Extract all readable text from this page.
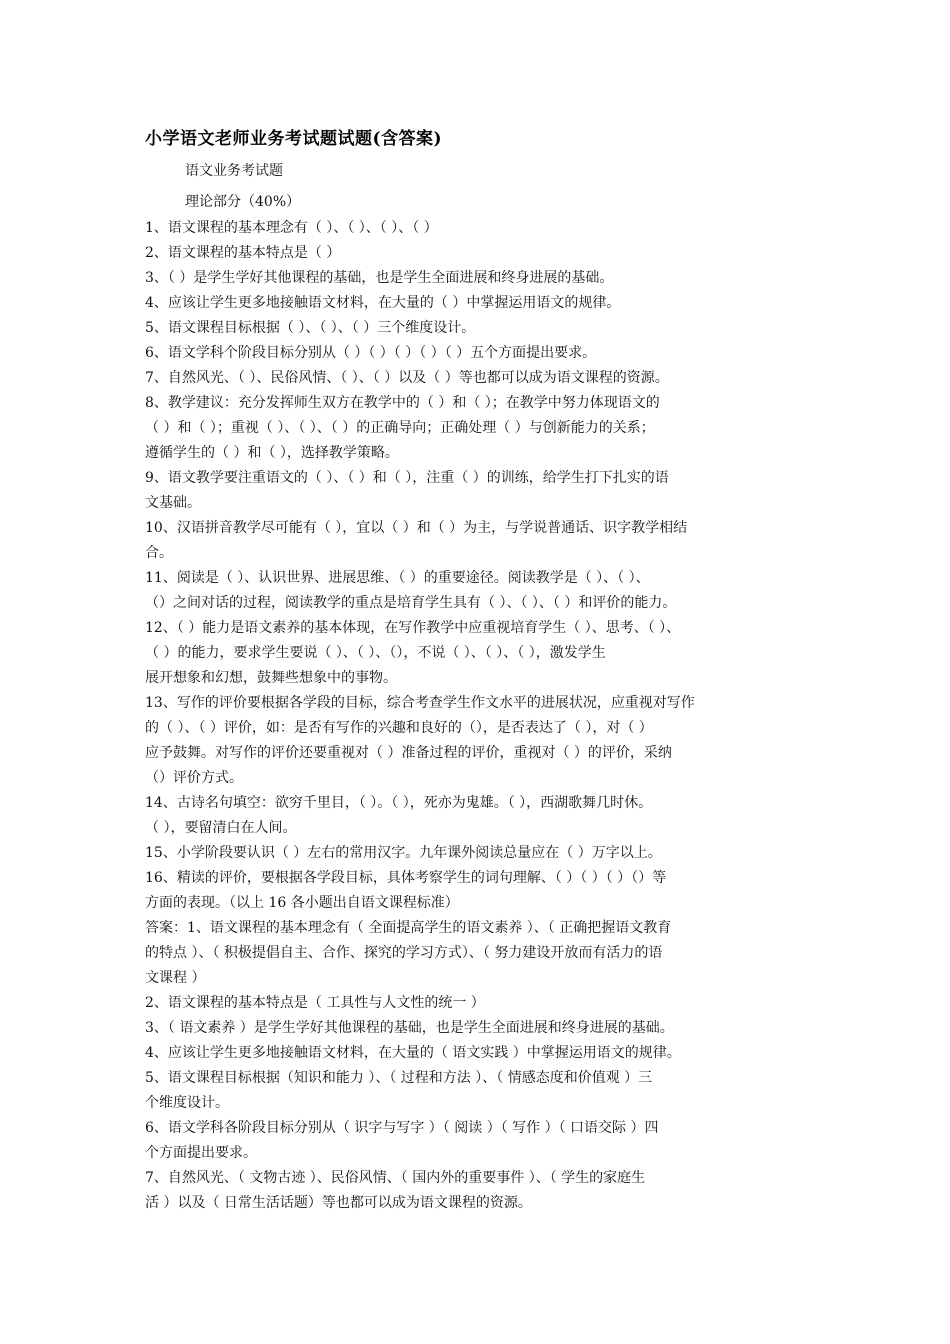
小学语文老师业务考试题试题(含答案)
语文业务考试题
理论部分（40%）
1、语文课程的基本理念有（ ）、（ ）、（ ）、（ ）
2、语文课程的基本特点是（ ）
3、（ ）是学生学好其他课程的基础，也是学生全面进展和终身进展的基础。
4、应该让学生更多地接触语文材料，在大量的（ ）中掌握运用语文的规律。
5、语文课程目标根据（ ）、（ ）、（ ）三个维度设计。
6、语文学科个阶段目标分别从（ ）（ ）（ ）（ ）（ ）五个方面提出要求。
7、自然风光、（ ）、民俗风情、（ ）、（ ）以及（ ）等也都可以成为语文课程的资源。
8、教学建议：充分发挥师生双方在教学中的（ ）和（ ）；在教学中努力体现语文的
（ ）和（ ）；重视（ ）、（ ）、（ ）的正确导向；正确处理（ ）与创新能力的关系；
遵循学生的（ ）和（ ），选择教学策略。
9、语文教学要注重语文的（ ）、（ ）和（ ），注重（ ）的训练，给学生打下扎实的语
文基础。
10、汉语拼音教学尽可能有（ ），宜以（ ）和（ ）为主，与学说普通话、识字教学相结
合。
11、阅读是（ ）、认识世界、进展思维、（ ）的重要途径。阅读教学是（ ）、（ ）、
（）之间对话的过程，阅读教学的重点是培育学生具有（ ）、（ ）、（ ）和评价的能力。
12、（ ）能力是语文素养的基本体现，在写作教学中应重视培育学生（ ）、思考、（ ）、
（ ）的能力，要求学生要说（ ）、（ ）、（），不说（ ）、（ ）、（ ），激发学生
展开想象和幻想，鼓舞些想象中的事物。
13、写作的评价要根据各学段的目标，综合考查学生作文水平的进展状况，应重视对写作
的（ ）、（ ）评价，如：是否有写作的兴趣和良好的（），是否表达了（ ），对（ ）
应予鼓舞。对写作的评价还要重视对（ ）准备过程的评价，重视对（ ）的评价，采纳
（）评价方式。
14、古诗名句填空：欲穷千里目，（ ）。（ ），死亦为鬼雄。（ ），西湖歌舞几时休。
（ ），要留清白在人间。
15、小学阶段要认识（ ）左右的常用汉字。九年课外阅读总量应在（ ）万字以上。
16、精读的评价，要根据各学段目标，具体考察学生的词句理解、（ ）（ ）（ ）（）等
方面的表现。（以上 16 各小题出自语文课程标准）
答案：1、语文课程的基本理念有（ 全面提高学生的语文素养 ）、（ 正确把握语文教育
的特点 ）、（ 积极提倡自主、合作、探究的学习方式）、（ 努力建设开放而有活力的语
文课程 ）
2、语文课程的基本特点是（ 工具性与人文性的统一 ）
3、（ 语文素养 ）是学生学好其他课程的基础，也是学生全面进展和终身进展的基础。
4、应该让学生更多地接触语文材料，在大量的（ 语文实践 ）中掌握运用语文的规律。
5、语文课程目标根据（知识和能力 ）、（ 过程和方法 ）、（ 情感态度和价值观 ）三
个维度设计。
6、语文学科各阶段目标分别从（ 识字与写字 ）（ 阅读 ）（ 写作 ）（ 口语交际 ）四
个方面提出要求。
7、自然风光、（ 文物古迹 ）、民俗风情、（ 国内外的重要事件 ）、（ 学生的家庭生
活 ）以及（ 日常生活话题）等也都可以成为语文课程的资源。
